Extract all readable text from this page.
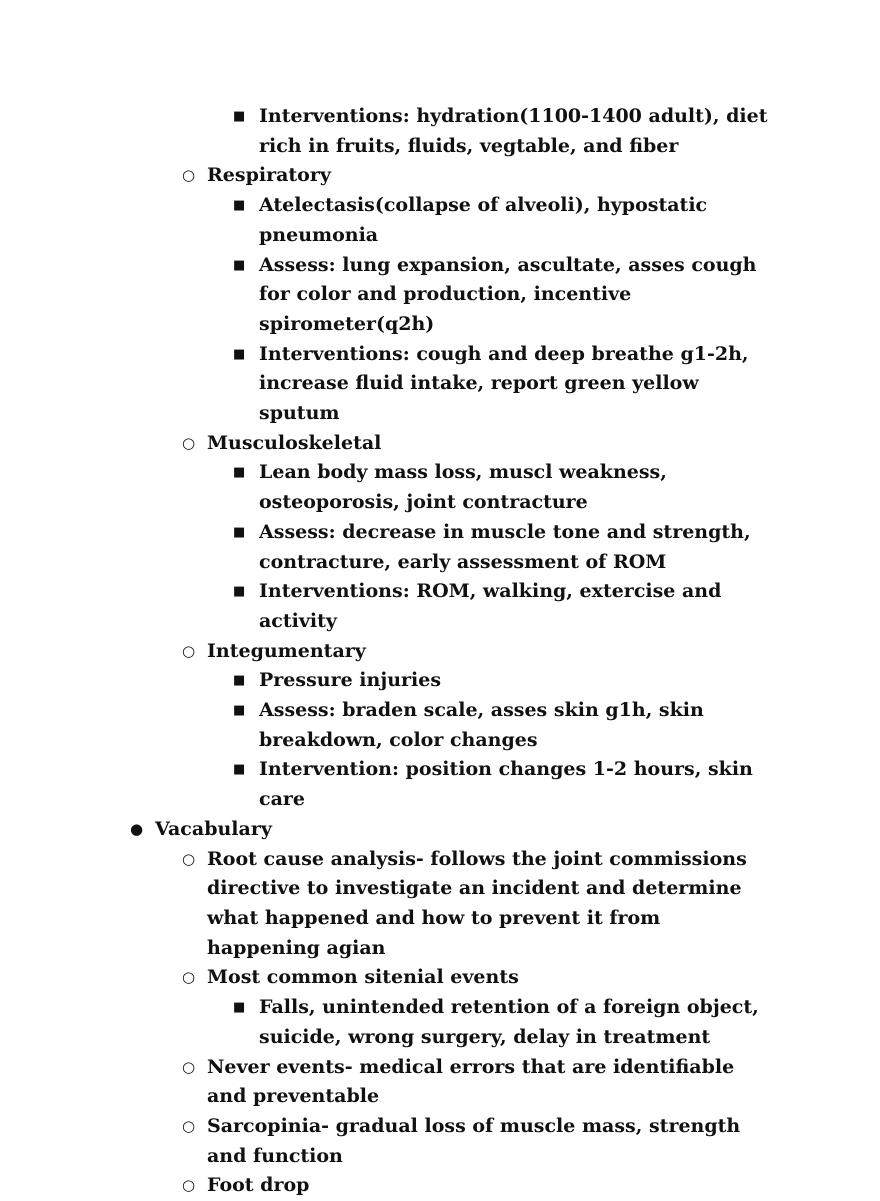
■ Interventions: hydration(1100-1400 adult), diet rich in fruits, fluids, vegtable, and fiber
○ Respiratory
■ Atelectasis(collapse of alveoli), hypostatic pneumonia
■ Assess: lung expansion, ascultate, asses cough for color and production, incentive spirometer(q2h)
■ Interventions: cough and deep breathe g1-2h, increase fluid intake, report green yellow sputum
○ Musculoskeletal
■ Lean body mass loss, muscl weakness, osteoporosis, joint contracture
■ Assess: decrease in muscle tone and strength, contracture, early assessment of ROM
■ Interventions: ROM, walking, extercise and activity
○ Integumentary
■ Pressure injuries
■ Assess: braden scale, asses skin g1h, skin breakdown, color changes
■ Intervention: position changes 1-2 hours, skin care
● Vacabulary
○ Root cause analysis- follows the joint commissions directive to investigate an incident and determine what happened and how to prevent it from happening agian
○ Most common sitenial events
■ Falls, unintended retention of a foreign object, suicide, wrong surgery, delay in treatment
○ Never events- medical errors that are identifiable and preventable
○ Sarcopinia- gradual loss of muscle mass, strength and function
○ Foot drop
